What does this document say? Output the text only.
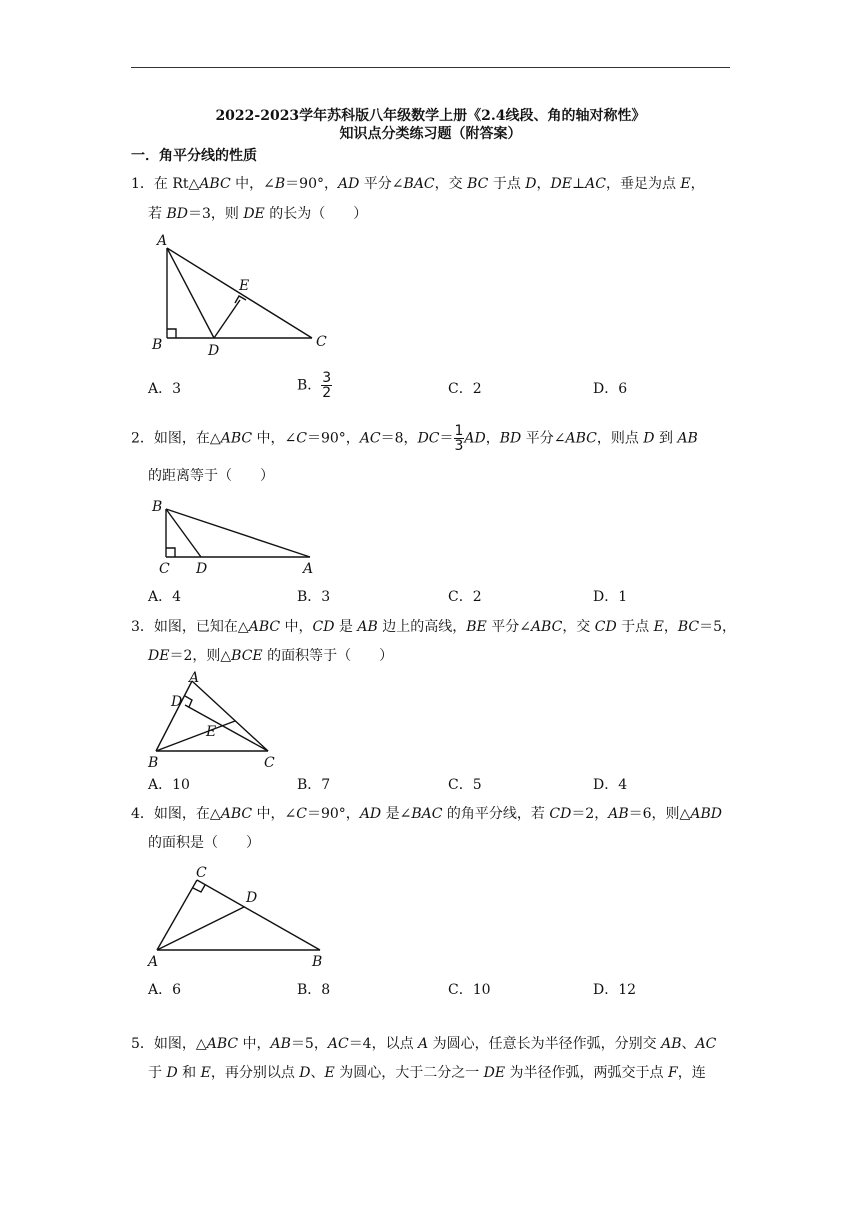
2022-2023学年苏科版八年级数学上册《2.4线段、角的轴对称性》
知识点分类练习题（附答案）
一．角平分线的性质
1．在 Rt△ABC 中，∠B＝90°，AD 平分∠BAC，交 BC 于点 D，DE⊥AC，垂足为点 E，
若 BD＝3，则 DE 的长为（　　）
A
B	C
D
E
A．3	B． $\frac{3}{2}$	C．2	D．6
2．如图，在△ABC 中，∠C＝90°，AC＝8，$DC= \frac{1}{3}$ AD，BD 平分∠ABC，则点 D 到 AB
的距离等于（　　）
B
C D	A
A．4	B．3	C．2	D．1
3．如图，已知在△ABC 中，CD 是 AB 边上的高线，BE 平分∠ABC，交 CD 于点 E，BC＝5，
DE＝2，则△BCE 的面积等于（　　）
A
D
E
B	C
A．10	B．7	C．5	D．4
4．如图，在△ABC 中，∠C＝90°，AD 是∠BAC 的角平分线，若 CD＝2，AB＝6，则△ABD
的面积是（　　）
C
D
A	B
A．6	B．8	C．10	D．12
5．如图，△ABC 中，AB＝5，AC＝4，以点 A 为圆心，任意长为半径作弧，分别交 AB、AC
于 D 和 E，再分别以点 D、E 为圆心，大于二分之一 DE 为半径作弧，两弧交于点 F，连
